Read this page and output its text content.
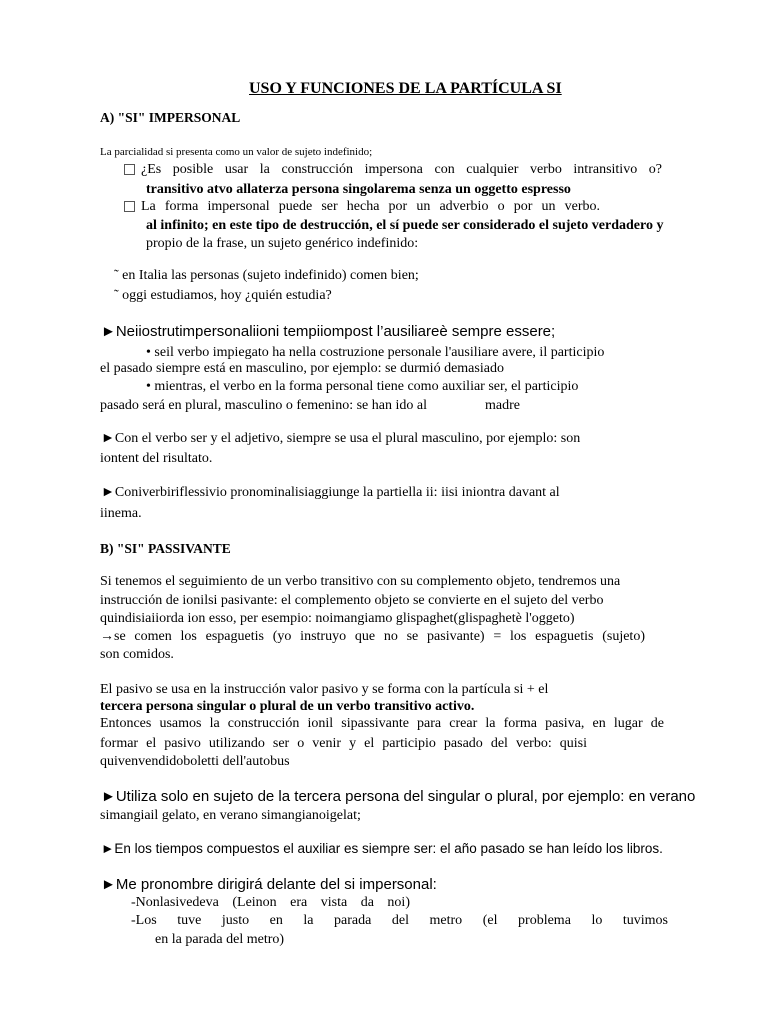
USO Y FUNCIONES DE LA PARTÍCULA SI
A) "SI" IMPERSONAL
La parcialidad si presenta como un valor de sujeto indefinido;
¿Es posible usar la construcción impersona con cualquier verbo intransitivo o?
transitivo atvo allaterza persona singolarema senza un oggetto espresso
La forma impersonal puede ser hecha por un adverbio o por un verbo.
al infinito; en este tipo de destrucción, el sí puede ser considerado el sujeto verdadero y
propio de la frase, un sujeto genérico indefinido:
˜ en Italia las personas (sujeto indefinido) comen bien;
˜ oggi estudiamos, hoy ¿quién estudia?
►Neiiostrutimpersonaliioni tempiiompost l’ausiliareè sempre essere;
• seil verbo impiegato ha nella costruzione personale l'ausiliare avere, il participio
el pasado siempre está en masculino, por ejemplo: se durmió demasiado
• mientras, el verbo en la forma personal tiene como auxiliar ser, el participio
pasado será en plural, masculino o femenino: se han ido al	madre
►Con el verbo ser y el adjetivo, siempre se usa el plural masculino, por ejemplo: son
iontent del risultato.
►Coniverbiriflessivio pronominalisiaggiunge la partiella ii: iisi iniontra davant al
iinema.
B) "SI" PASSIVANTE
Si tenemos el seguimiento de un verbo transitivo con su complemento objeto, tendremos una
instrucción de ionilsi pasivante: el complemento objeto se convierte en el sujeto del verbo
quindisiaiiorda ion esso, per esempio: noimangiamo glispaghet(glispaghetè l'oggeto)
→se comen los espaguetis (yo instruyo que no se pasivante) = los espaguetis (sujeto)
son comidos.
El pasivo se usa en la instrucción valor pasivo y se forma con la partícula si + el
tercera persona singular o plural de un verbo transitivo activo.
Entonces usamos la construcción ionil sipassivante para crear la forma pasiva, en lugar de
formar el pasivo utilizando ser o venir y el participio pasado del verbo: quisi
quivenvendidoboletti dell'autobus
►Utiliza solo en sujeto de la tercera persona del singular o plural, por ejemplo: en verano
simangiail gelato, en verano simangianoigelat;
►En los tiempos compuestos el auxiliar es siempre ser: el año pasado se han leído los libros.
►Me pronombre dirigirá delante del si impersonal:
-Nonlasivedeva (Leinon era vista da noi)
-Los tuve justo en la parada del metro (el problema lo tuvimos
en la parada del metro)
